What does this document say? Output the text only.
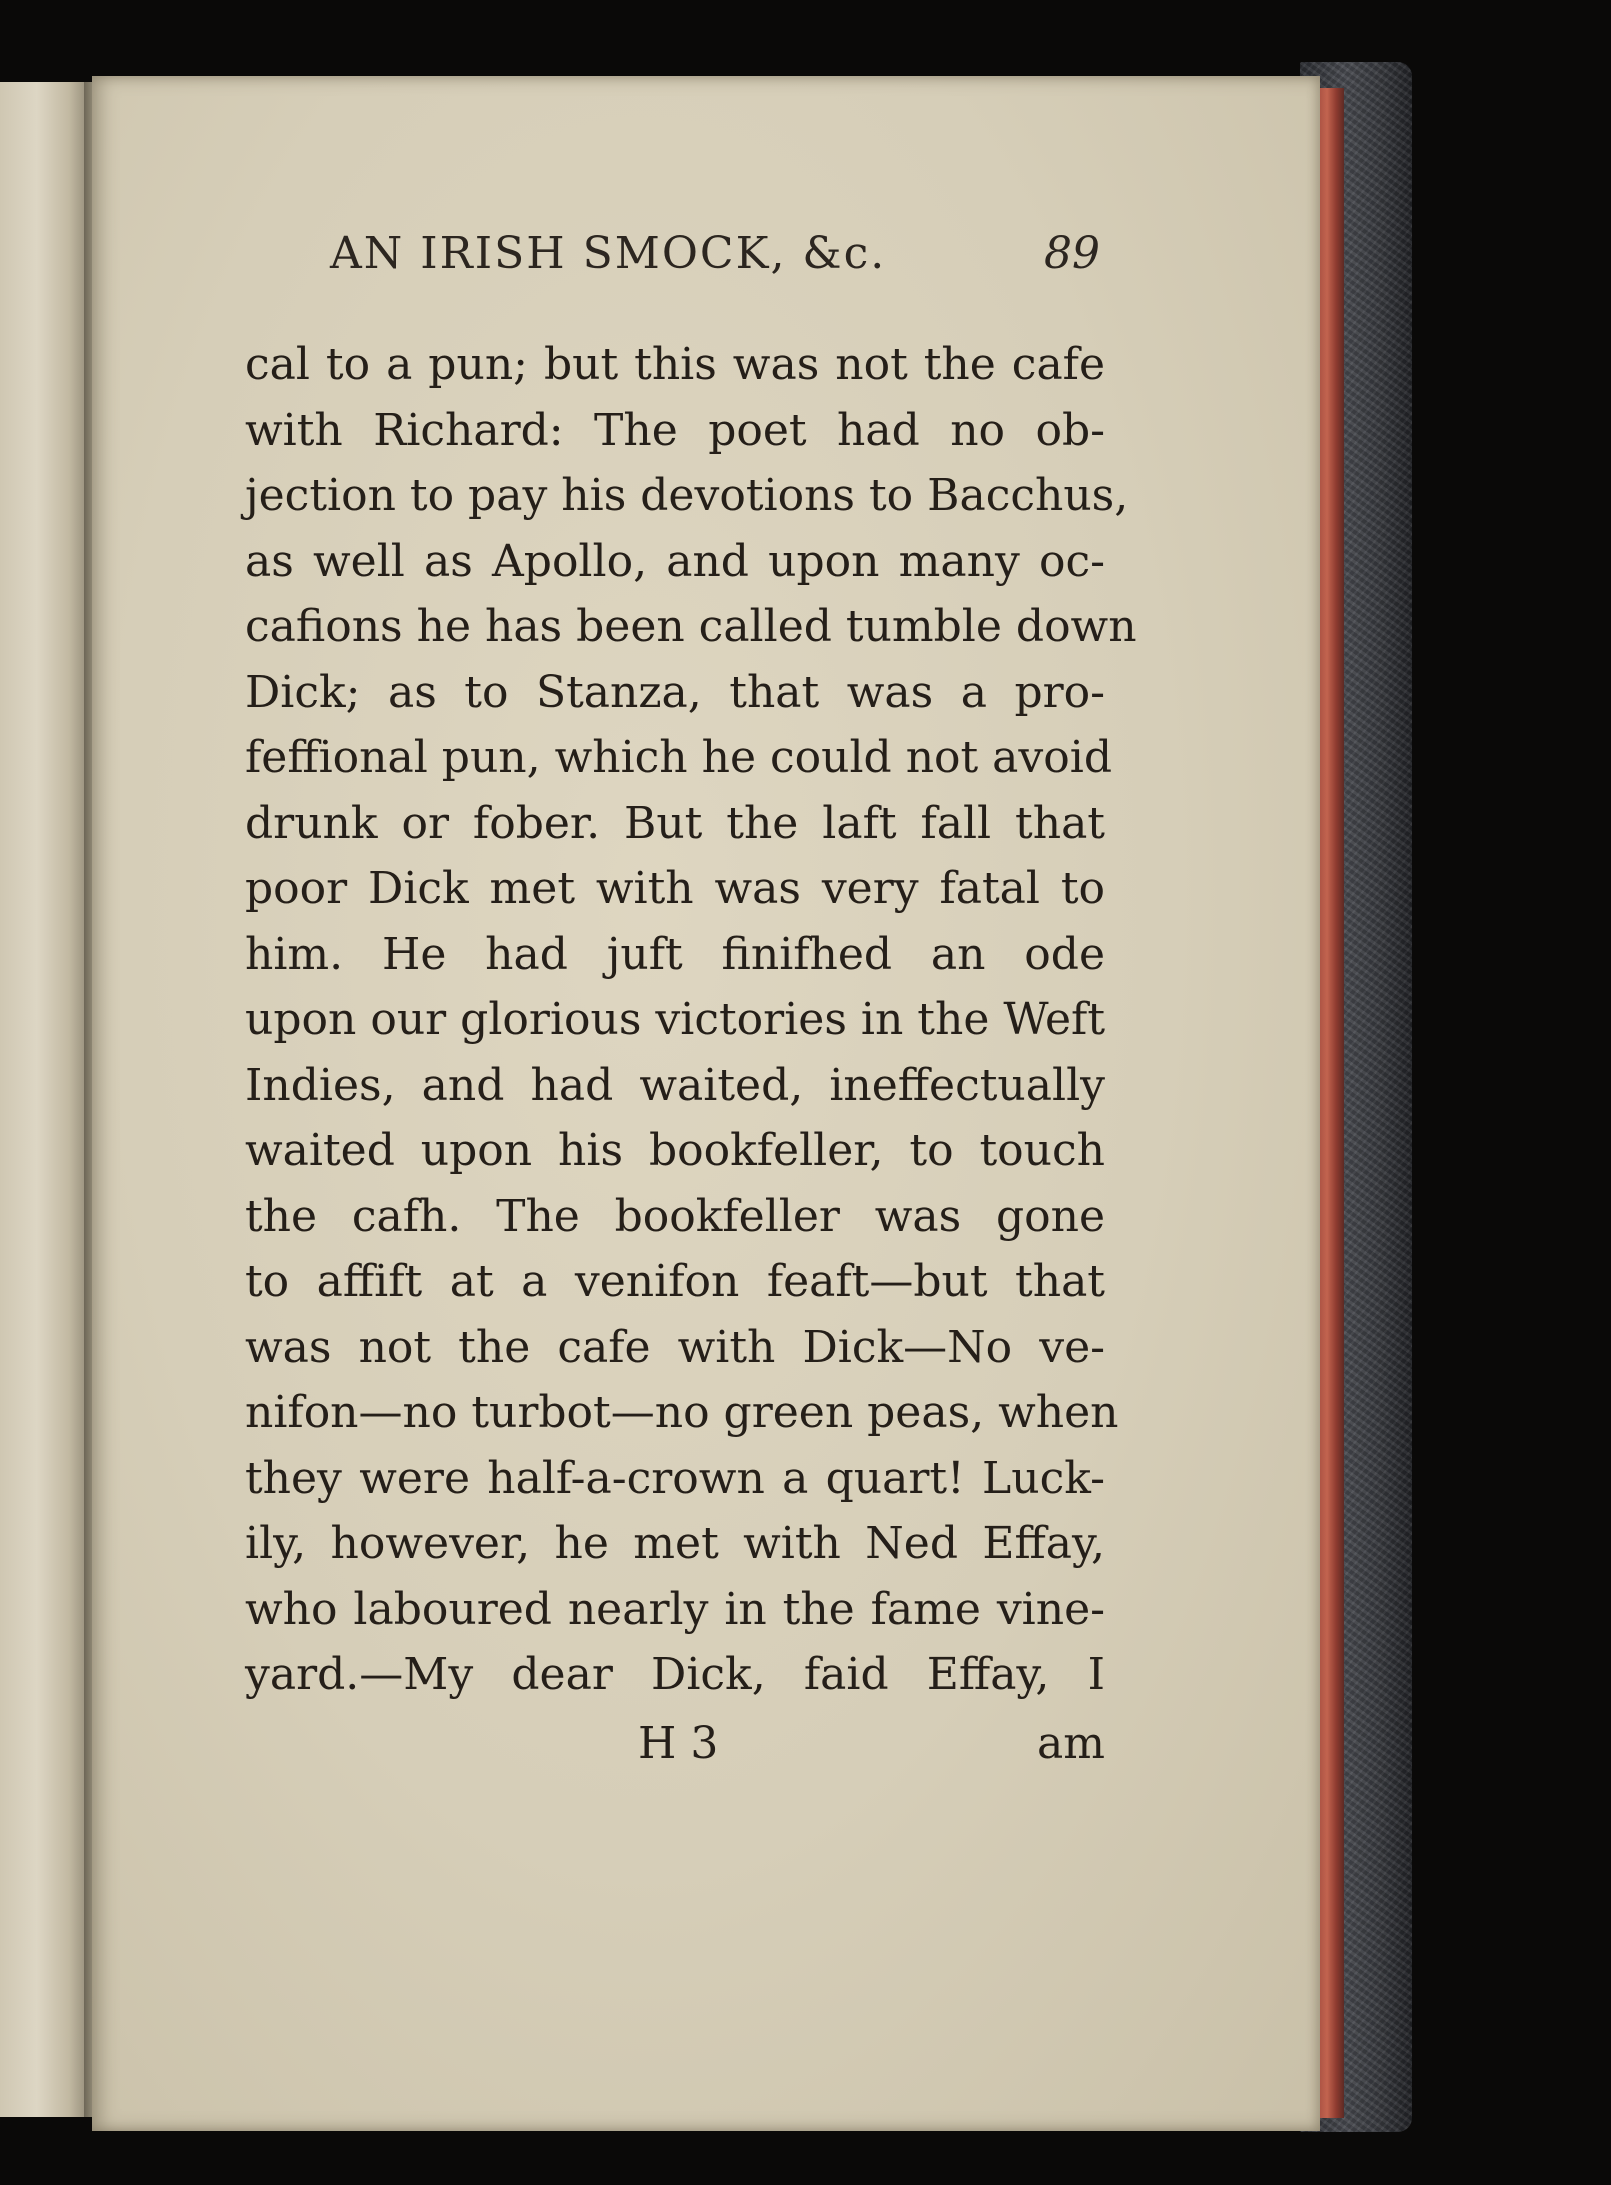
AN IRISH SMOCK, &c.	89
cal to a pun; but this was not the cafe
with Richard: The poet had no ob-
jection to pay his devotions to Bacchus,
as well as Apollo, and upon many oc-
cafions he has been called tumble down
Dick; as to Stanza, that was a pro-
feffional pun, which he could not avoid
drunk or fober. But the laft fall that
poor Dick met with was very fatal to
him. He had juft finifhed an ode
upon our glorious victories in the Weft
Indies, and had waited, ineffectually
waited upon his bookfeller, to touch
the cafh. The bookfeller was gone
to affift at a venifon feaft—but that
was not the cafe with Dick—No ve-
nifon—no turbot—no green peas, when
they were half-a-crown a quart! Luck-
ily, however, he met with Ned Effay,
who laboured nearly in the fame vine-
yard.—My dear Dick, faid Effay, I
H 3	am
